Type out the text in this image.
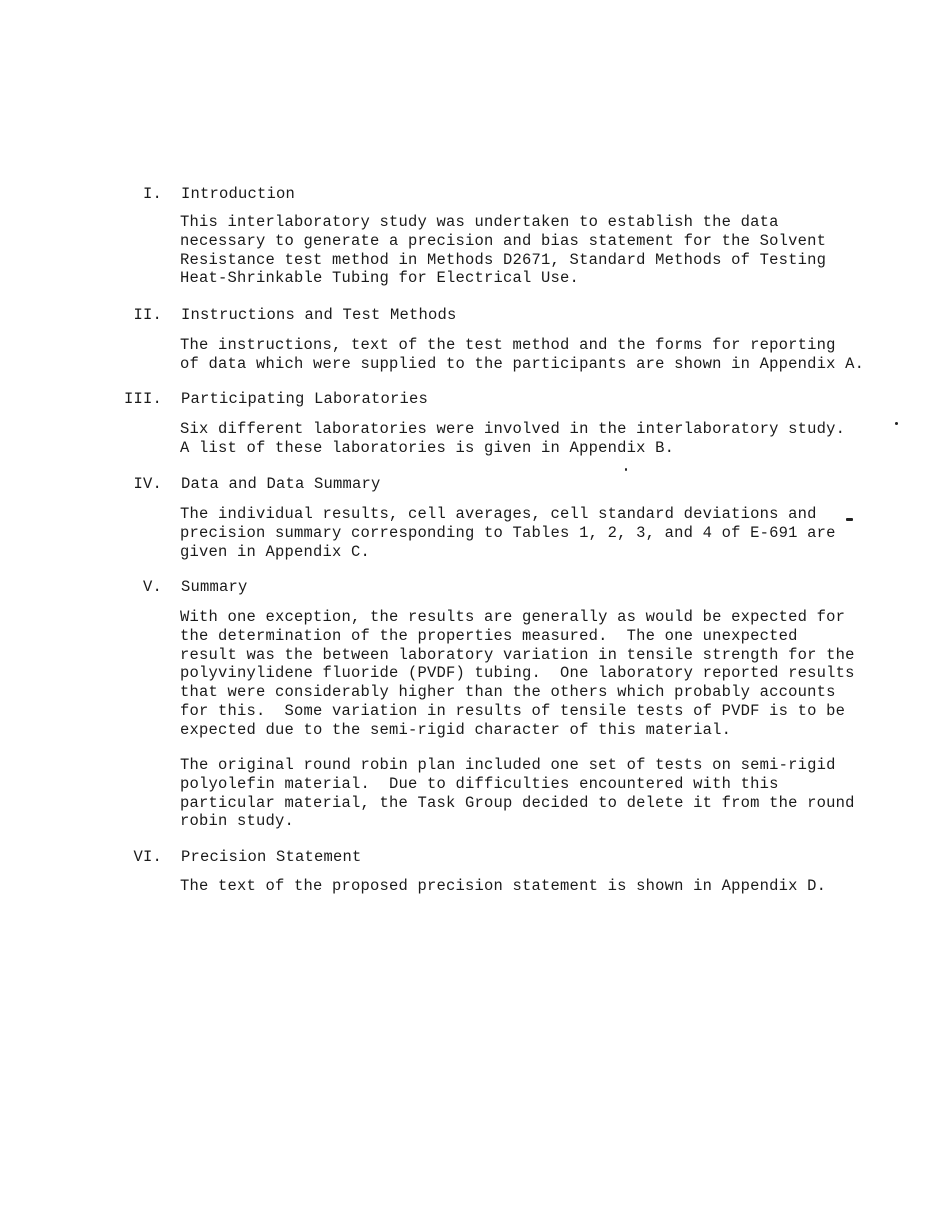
I. Introduction
This interlaboratory study was undertaken to establish the data
necessary to generate a precision and bias statement for the Solvent
Resistance test method in Methods D2671, Standard Methods of Testing
Heat-Shrinkable Tubing for Electrical Use.
II. Instructions and Test Methods
The instructions, text of the test method and the forms for reporting
of data which were supplied to the participants are shown in Appendix A.
III. Participating Laboratories
Six different laboratories were involved in the interlaboratory study.
A list of these laboratories is given in Appendix B.
IV. Data and Data Summary
The individual results, cell averages, cell standard deviations and
precision summary corresponding to Tables 1, 2, 3, and 4 of E-691 are
given in Appendix C.
V. Summary
With one exception, the results are generally as would be expected for
the determination of the properties measured.  The one unexpected
result was the between laboratory variation in tensile strength for the
polyvinylidene fluoride (PVDF) tubing.  One laboratory reported results
that were considerably higher than the others which probably accounts
for this.  Some variation in results of tensile tests of PVDF is to be
expected due to the semi-rigid character of this material.
The original round robin plan included one set of tests on semi-rigid
polyolefin material.  Due to difficulties encountered with this
particular material, the Task Group decided to delete it from the round
robin study.
VI. Precision Statement
The text of the proposed precision statement is shown in Appendix D.
